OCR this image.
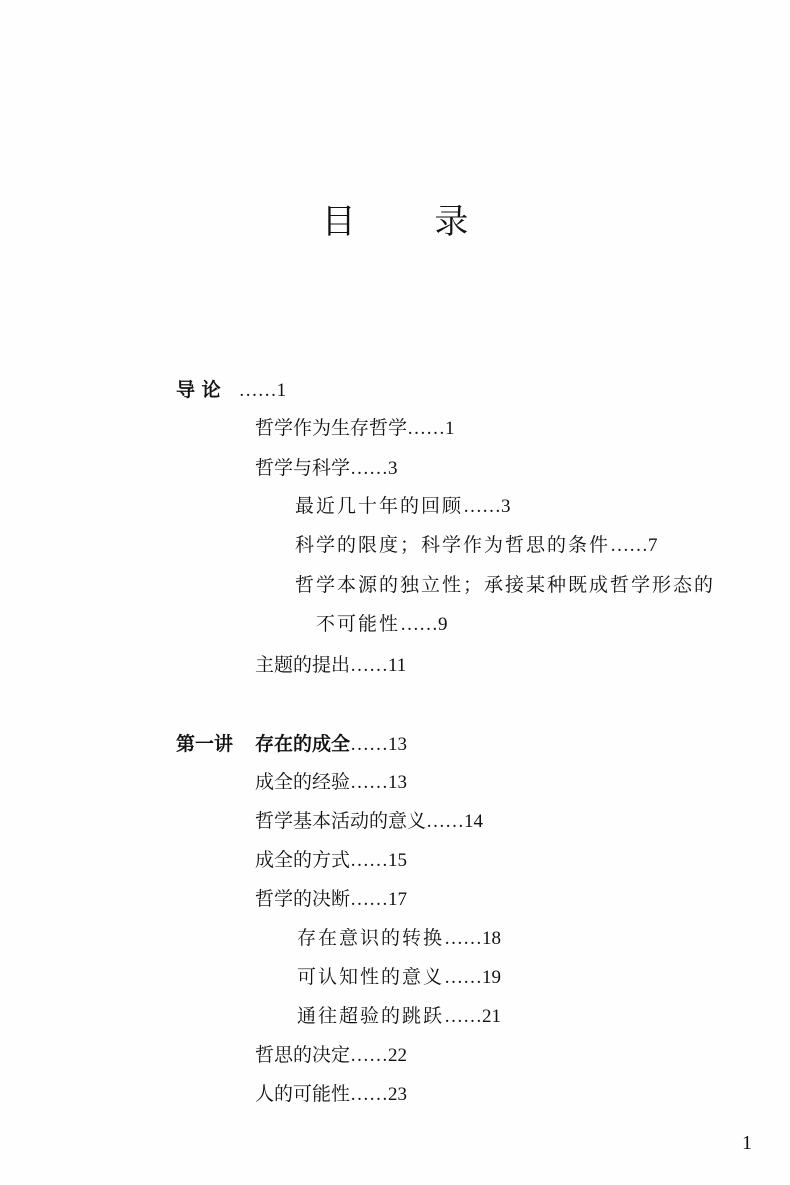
目 录
导 论 ……1
哲学作为生存哲学……1
哲学与科学……3
最近几十年的回顾……3
科学的限度；科学作为哲思的条件……7
哲学本源的独立性；承接某种既成哲学形态的
不可能性……9
主题的提出……11
第一讲 存在的成全……13
成全的经验……13
哲学基本活动的意义……14
成全的方式……15
哲学的决断……17
存在意识的转换……18
可认知性的意义……19
通往超验的跳跃……21
哲思的决定……22
人的可能性……23
1
